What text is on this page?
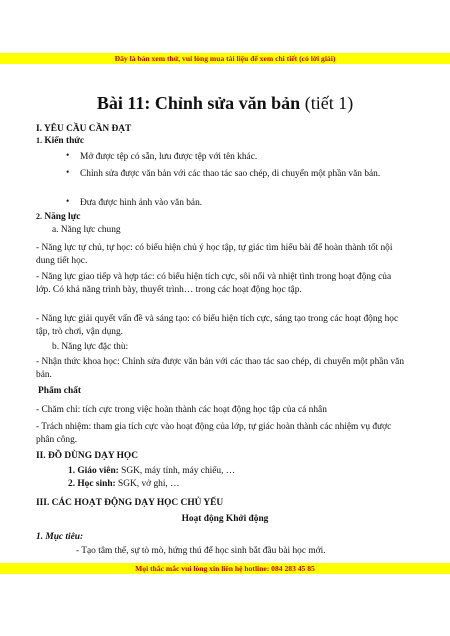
Đây là bản xem thử, vui lòng mua tài liệu để xem chi tiết (có lời giải)
Bài 11: Chỉnh sửa văn bản (tiết 1)
I. YÊU CẦU CẦN ĐẠT
1. Kiến thức
• Mở được tệp có sẵn, lưu được tệp với tên khác.
• Chỉnh sửa được văn bản với các thao tác sao chép, di chuyển một phần văn bản.
• Đưa được hình ảnh vào văn bản.
2. Năng lực
a. Năng lực chung
- Năng lực tự chủ, tự học: có biểu hiện chủ ý học tập, tự giác tìm hiểu bài để hoàn thành tốt nội dung tiết học.
- Năng lực giao tiếp và hợp tác: có biểu hiện tích cực, sôi nổi và nhiệt tình trong hoạt động của lớp. Có khả năng trình bày, thuyết trình… trong các hoạt động học tập.
- Năng lực giải quyết vấn đề và sáng tạo: có biểu hiện tích cực, sáng tạo trong các hoạt động học tập, trò chơi, vận dụng.
b. Năng lực đặc thù:
- Nhận thức khoa học: Chỉnh sửa được văn bản với các thao tác sao chép, di chuyển một phần văn bản.
Phẩm chất
- Chăm chỉ: tích cực trong việc hoàn thành các hoạt động học tập của cá nhân
- Trách nhiệm: tham gia tích cực vào hoạt động của lớp, tự giác hoàn thành các nhiệm vụ được phân công.
II. ĐỒ DÙNG DẠY HỌC
1. Giáo viên: SGK, máy tính, máy chiếu, …
2. Học sinh: SGK, vở ghi, …
III. CÁC HOẠT ĐỘNG DẠY HỌC CHỦ YẾU
Hoạt động Khởi động
1. Mục tiêu:
- Tạo tâm thế, sự tò mò, hứng thú để học sinh bắt đầu bài học mới.
Mọi thắc mắc vui lòng xin liên hệ hotline: 084 283 45 85
